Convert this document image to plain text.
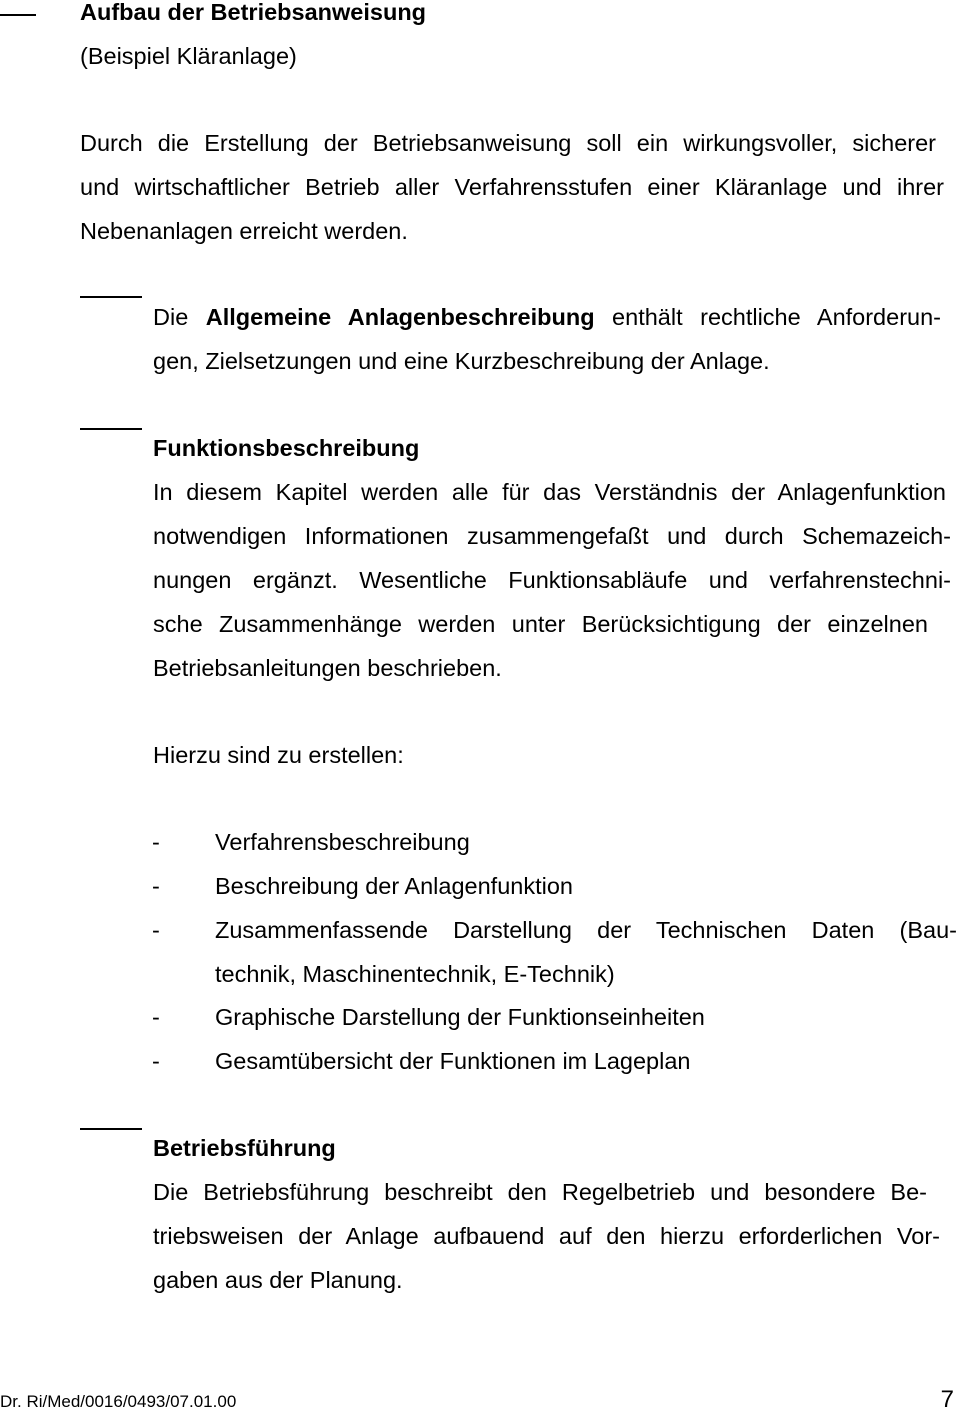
Aufbau der Betriebsanweisung
(Beispiel Kläranlage)
Durch die Erstellung der Betriebsanweisung soll ein wirkungsvoller, sicherer
und wirtschaftlicher Betrieb aller Verfahrensstufen einer Kläranlage und ihrer
Nebenanlagen erreicht werden.
Die Allgemeine Anlagenbeschreibung enthält rechtliche Anforderun-
gen, Zielsetzungen und eine Kurzbeschreibung der Anlage.
Funktionsbeschreibung
In diesem Kapitel werden alle für das Verständnis der Anlagenfunktion
notwendigen Informationen zusammengefaßt und durch Schemazeich-
nungen ergänzt. Wesentliche Funktionsabläufe und verfahrenstechni-
sche Zusammenhänge werden unter Berücksichtigung der einzelnen
Betriebsanleitungen beschrieben.
Hierzu sind zu erstellen:
- Verfahrensbeschreibung
- Beschreibung der Anlagenfunktion
- Zusammenfassende Darstellung der Technischen Daten (Bau-
technik, Maschinentechnik, E-Technik)
- Graphische Darstellung der Funktionseinheiten
- Gesamtübersicht der Funktionen im Lageplan
Betriebsführung
Die Betriebsführung beschreibt den Regelbetrieb und besondere Be-
triebsweisen der Anlage aufbauend auf den hierzu erforderlichen Vor-
gaben aus der Planung.
Dr. Ri/Med/0016/0493/07.01.00	7
